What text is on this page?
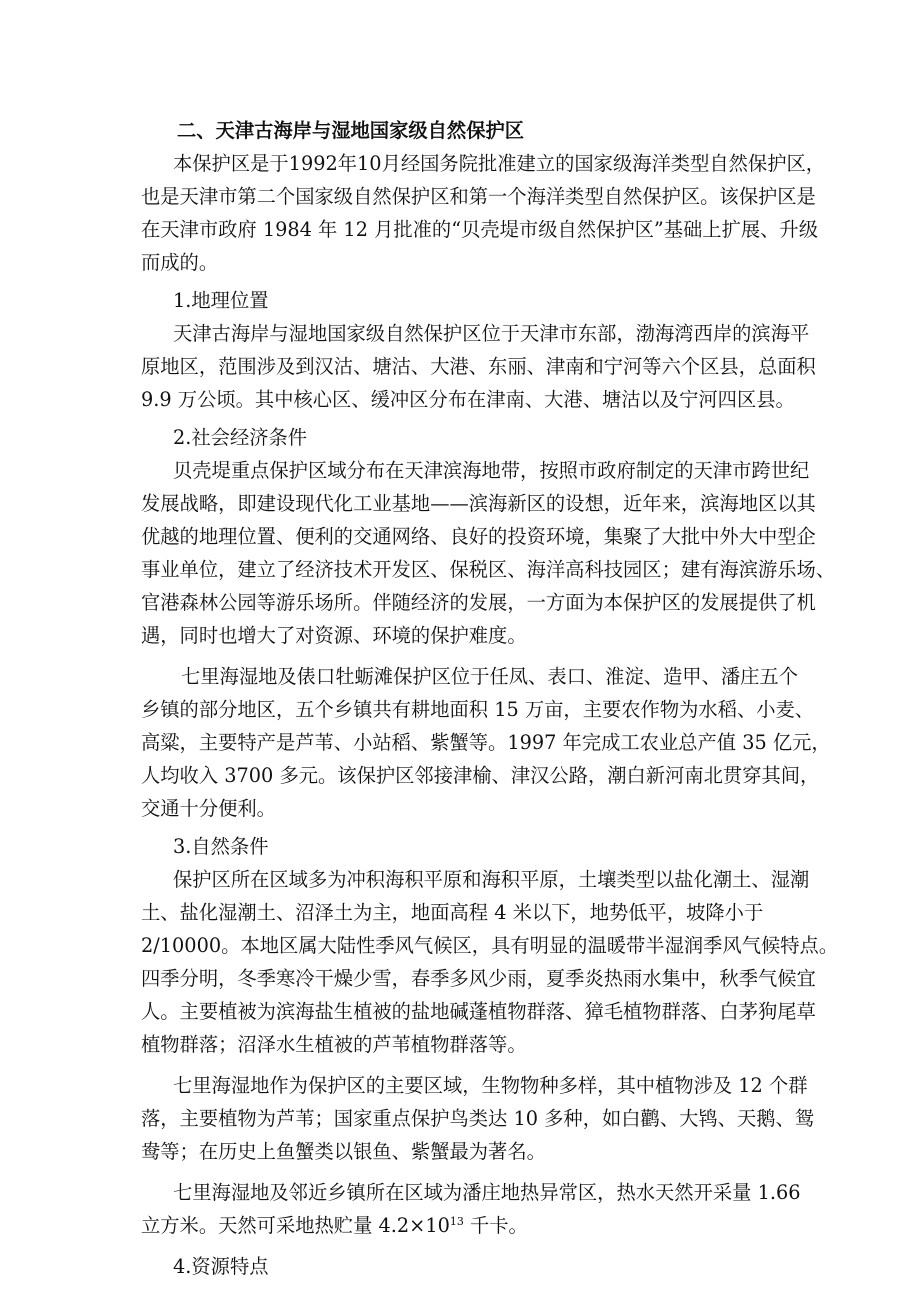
二、天津古海岸与湿地国家级自然保护区
本保护区是于1992年10月经国务院批准建立的国家级海洋类型自然保护区，
也是天津市第二个国家级自然保护区和第一个海洋类型自然保护区。该保护区是
在天津市政府 1984 年 12 月批准的“贝壳堤市级自然保护区”基础上扩展、升级
而成的。
1.地理位置
天津古海岸与湿地国家级自然保护区位于天津市东部，渤海湾西岸的滨海平
原地区，范围涉及到汉沽、塘沽、大港、东丽、津南和宁河等六个区县，总面积
9.9 万公顷。其中核心区、缓冲区分布在津南、大港、塘沽以及宁河四区县。
2.社会经济条件
贝壳堤重点保护区域分布在天津滨海地带，按照市政府制定的天津市跨世纪
发展战略，即建设现代化工业基地——滨海新区的设想，近年来，滨海地区以其
优越的地理位置、便利的交通网络、良好的投资环境，集聚了大批中外大中型企
事业单位，建立了经济技术开发区、保税区、海洋高科技园区；建有海滨游乐场、
官港森林公园等游乐场所。伴随经济的发展，一方面为本保护区的发展提供了机
遇，同时也增大了对资源、环境的保护难度。
七里海湿地及俵口牡蛎滩保护区位于任凤、表口、淮淀、造甲、潘庄五个
乡镇的部分地区，五个乡镇共有耕地面积 15 万亩，主要农作物为水稻、小麦、
高粱，主要特产是芦苇、小站稻、紫蟹等。1997 年完成工农业总产值 35 亿元，
人均收入 3700 多元。该保护区邻接津榆、津汉公路，潮白新河南北贯穿其间，
交通十分便利。
3.自然条件
保护区所在区域多为冲积海积平原和海积平原，土壤类型以盐化潮土、湿潮
土、盐化湿潮土、沼泽土为主，地面高程 4 米以下，地势低平，坡降小于
2/10000。本地区属大陆性季风气候区，具有明显的温暖带半湿润季风气候特点。
四季分明，冬季寒冷干燥少雪，春季多风少雨，夏季炎热雨水集中，秋季气候宜
人。主要植被为滨海盐生植被的盐地碱蓬植物群落、獐毛植物群落、白茅狗尾草
植物群落；沼泽水生植被的芦苇植物群落等。
七里海湿地作为保护区的主要区域，生物物种多样，其中植物涉及 12 个群
落，主要植物为芦苇；国家重点保护鸟类达 10 多种，如白鹳、大鸨、天鹅、鸳
鸯等；在历史上鱼蟹类以银鱼、紫蟹最为著名。
七里海湿地及邻近乡镇所在区域为潘庄地热异常区，热水天然开采量 1.66
立方米。天然可采地热贮量 $4.2\times 10^{13}$ 千卡。
4.资源特点
